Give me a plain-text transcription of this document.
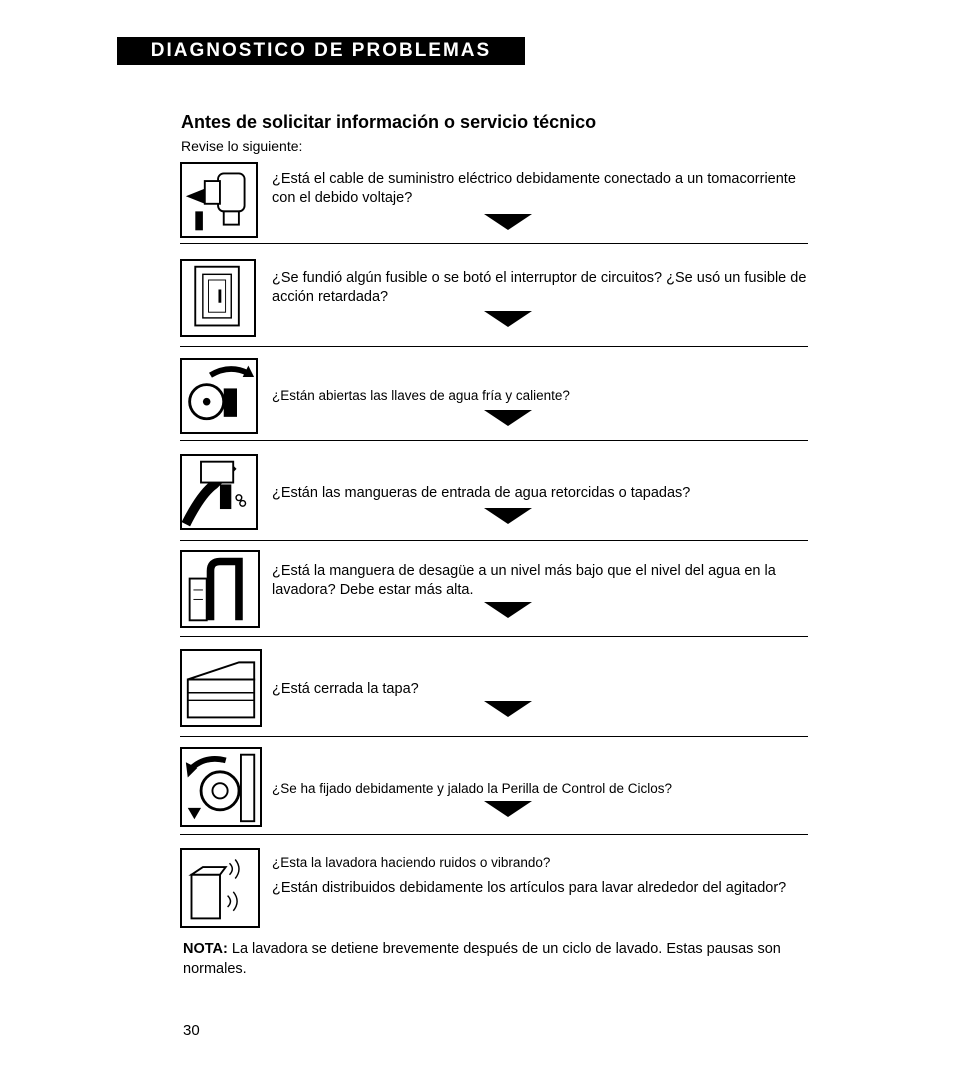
DIAGNOSTICO DE PROBLEMAS
Antes de solicitar información o servicio técnico
Revise lo siguiente:
¿Está el cable de suministro eléctrico debidamente conectado a un tomacorriente con el debido voltaje?
¿Se fundió algún fusible o se botó el interruptor de circuitos? ¿Se usó un fusible de acción retardada?
¿Están abiertas las llaves de agua fría y caliente?
¿Están las mangueras de entrada de agua retorcidas o tapadas?
¿Está la manguera de desagüe a un nivel más bajo que el nivel del agua en la lavadora? Debe estar más alta.
¿Está cerrada la tapa?
¿Se ha fijado debidamente y jalado la Perilla de Control de Ciclos?
¿Esta la lavadora haciendo ruidos o vibrando?
¿Están distribuidos debidamente los artículos para lavar alrededor del agitador?
NOTA: La lavadora se detiene brevemente después de un ciclo de lavado. Estas pausas son normales.
30
